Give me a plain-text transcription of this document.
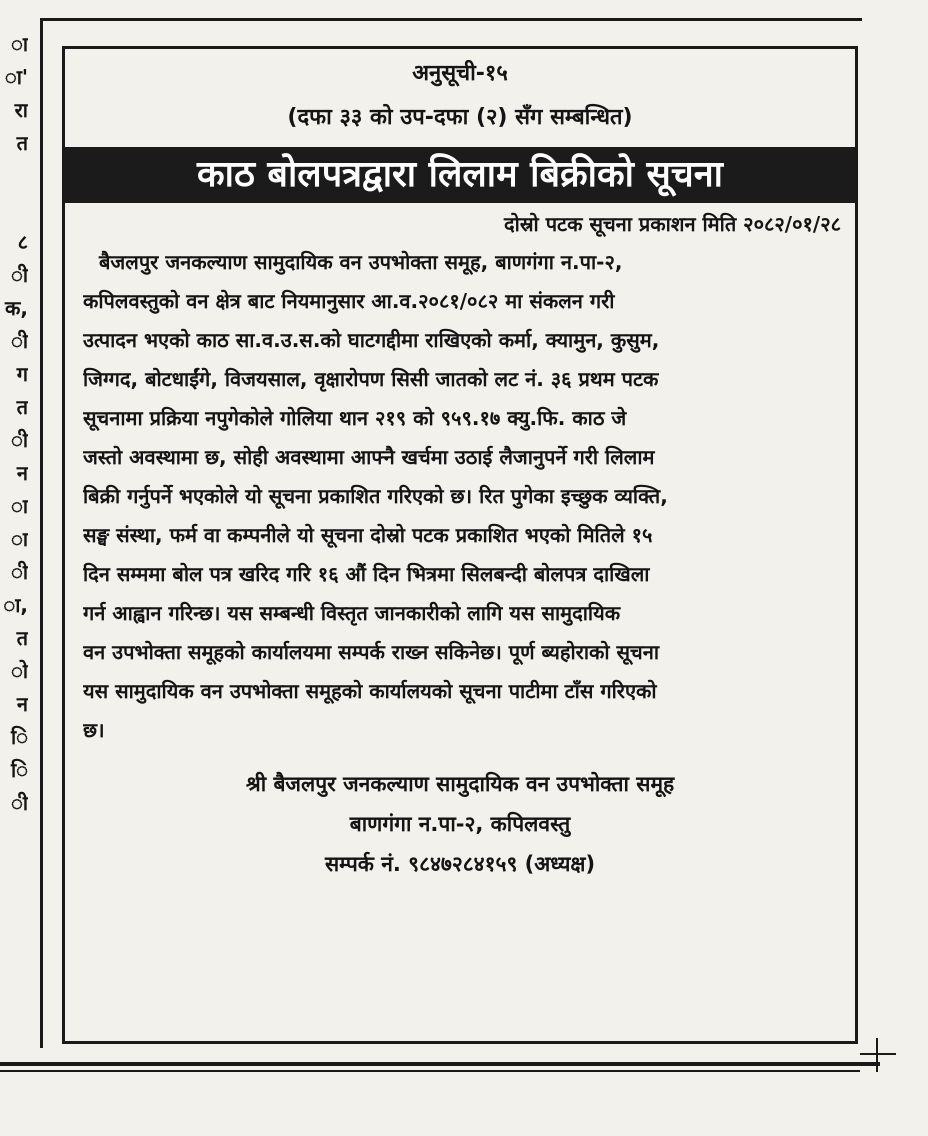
ा
ा'
रा
त
८
ी
क,
ी
ग
त
ी
न
ा
ा
ी
ा,
त
ो
न
ि
ि
ी
अनुसूची-१५
(दफा ३३ को उप-दफा (२) सँग सम्बन्धित)
काठ बोलपत्रद्वारा लिलाम बिक्रीको सूचना
दोस्रो पटक सूचना प्रकाशन मिति २०८२/०१/२८
बैजलपुर जनकल्याण सामुदायिक वन उपभोक्ता समूह, बाणगंगा न.पा-२,
कपिलवस्तुको वन क्षेत्र बाट नियमानुसार आ.व.२०८१/०८२ मा संकलन गरी
उत्पादन भएको काठ सा.व.उ.स.को घाटगद्दीमा राखिएको कर्मा, क्यामुन, कुसुम,
जिग्गद, बोटधाईंगे, विजयसाल, वृक्षारोपण सिसी जातको लट नं. ३६ प्रथम पटक
सूचनामा प्रक्रिया नपुगेकोले गोलिया थान २१९ को ९५९.१७ क्यु.फि. काठ जे
जस्तो अवस्थामा छ, सोही अवस्थामा आफ्नै खर्चमा उठाई लैजानुपर्ने गरी लिलाम
बिक्री गर्नुपर्ने भएकोले यो सूचना प्रकाशित गरिएको छ। रित पुगेका इच्छुक व्यक्ति,
सङ्घ संस्था, फर्म वा कम्पनीले यो सूचना दोस्रो पटक प्रकाशित भएको मितिले १५
दिन सम्ममा बोल पत्र खरिद गरि १६ औं दिन भित्रमा सिलबन्दी बोलपत्र दाखिला
गर्न आह्वान गरिन्छ। यस सम्बन्धी विस्तृत जानकारीको लागि यस सामुदायिक
वन उपभोक्ता समूहको कार्यालयमा सम्पर्क राख्न सकिनेछ। पूर्ण ब्यहोराको सूचना
यस सामुदायिक वन उपभोक्ता समूहको कार्यालयको सूचना पाटीमा टाँस गरिएको
छ।
श्री बैजलपुर जनकल्याण सामुदायिक वन उपभोक्ता समूह
बाणगंगा न.पा-२, कपिलवस्तु
सम्पर्क नं. ९८४७२८४१५९ (अध्यक्ष)
